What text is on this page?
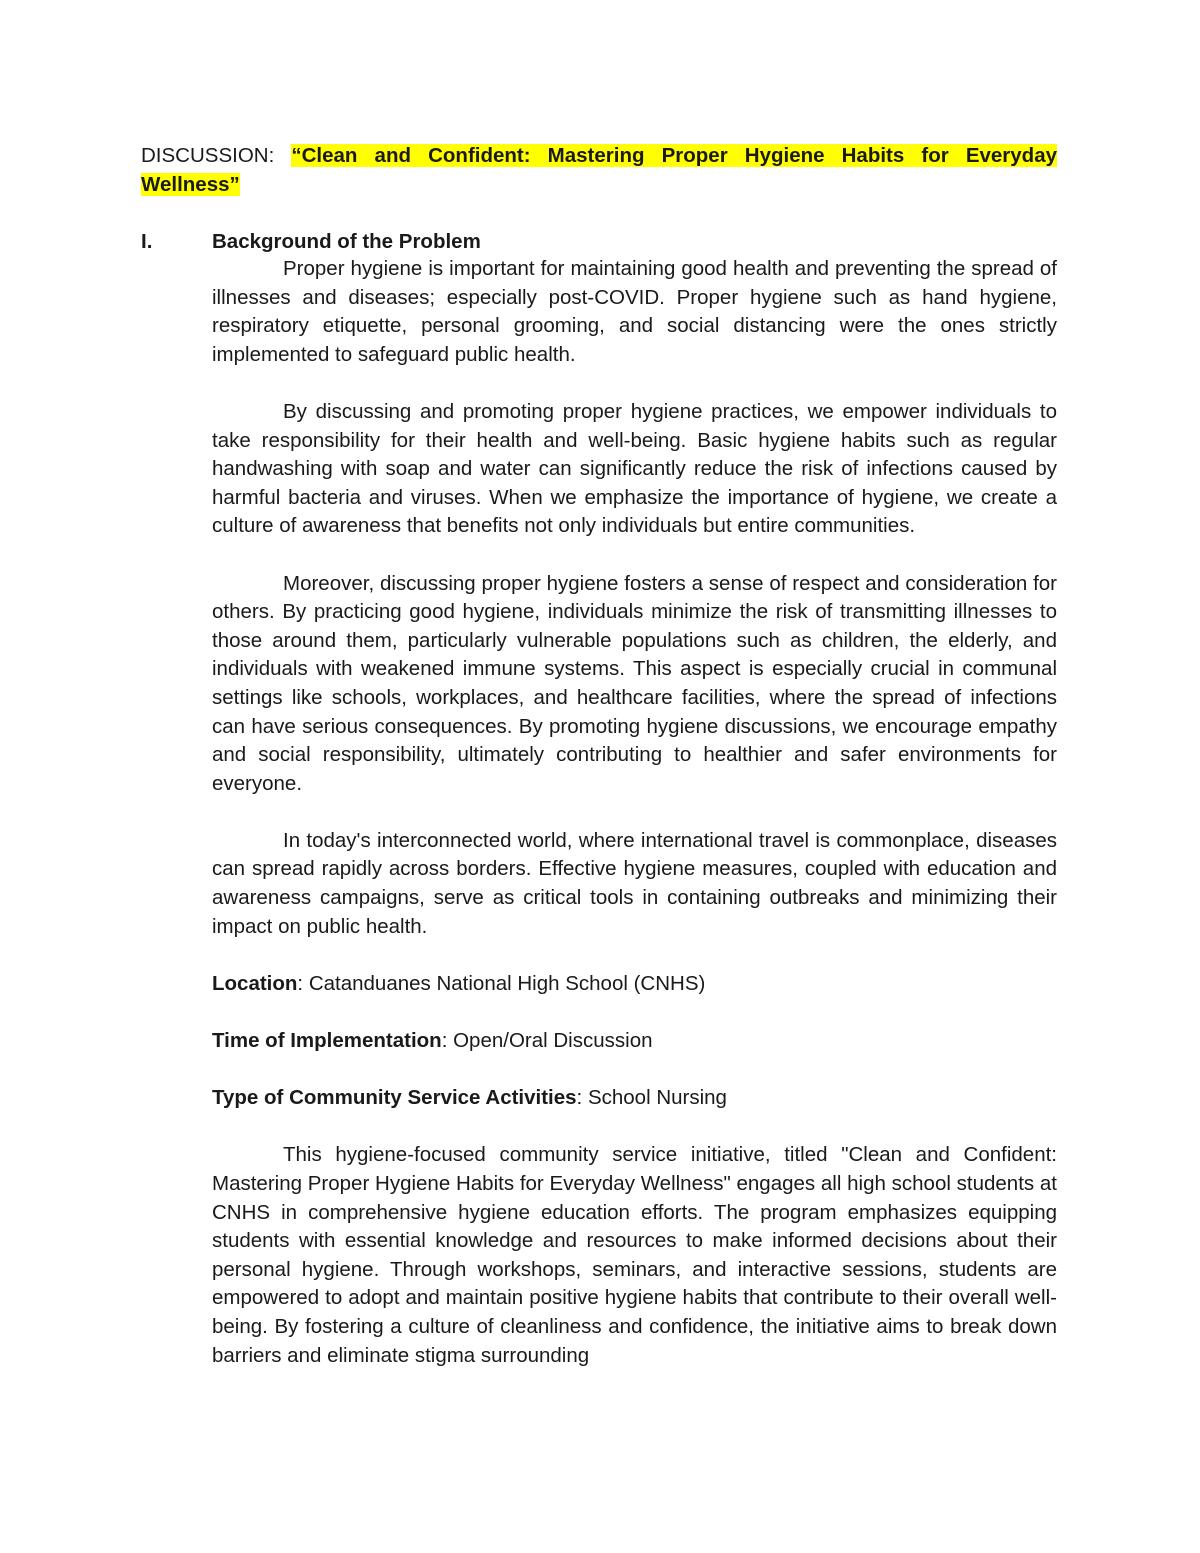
DISCUSSION: “Clean and Confident: Mastering Proper Hygiene Habits for Everyday Wellness”
I.	Background of the Problem

Proper hygiene is important for maintaining good health and preventing the spread of illnesses and diseases; especially post-COVID. Proper hygiene such as hand hygiene, respiratory etiquette, personal grooming, and social distancing were the ones strictly implemented to safeguard public health.

By discussing and promoting proper hygiene practices, we empower individuals to take responsibility for their health and well-being. Basic hygiene habits such as regular handwashing with soap and water can significantly reduce the risk of infections caused by harmful bacteria and viruses. When we emphasize the importance of hygiene, we create a culture of awareness that benefits not only individuals but entire communities.

Moreover, discussing proper hygiene fosters a sense of respect and consideration for others. By practicing good hygiene, individuals minimize the risk of transmitting illnesses to those around them, particularly vulnerable populations such as children, the elderly, and individuals with weakened immune systems. This aspect is especially crucial in communal settings like schools, workplaces, and healthcare facilities, where the spread of infections can have serious consequences. By promoting hygiene discussions, we encourage empathy and social responsibility, ultimately contributing to healthier and safer environments for everyone.

In today's interconnected world, where international travel is commonplace, diseases can spread rapidly across borders. Effective hygiene measures, coupled with education and awareness campaigns, serve as critical tools in containing outbreaks and minimizing their impact on public health.

Location: Catanduanes National High School (CNHS)

Time of Implementation: Open/Oral Discussion

Type of Community Service Activities: School Nursing

This hygiene-focused community service initiative, titled "Clean and Confident: Mastering Proper Hygiene Habits for Everyday Wellness" engages all high school students at CNHS in comprehensive hygiene education efforts. The program emphasizes equipping students with essential knowledge and resources to make informed decisions about their personal hygiene. Through workshops, seminars, and interactive sessions, students are empowered to adopt and maintain positive hygiene habits that contribute to their overall well-being. By fostering a culture of cleanliness and confidence, the initiative aims to break down barriers and eliminate stigma surrounding
